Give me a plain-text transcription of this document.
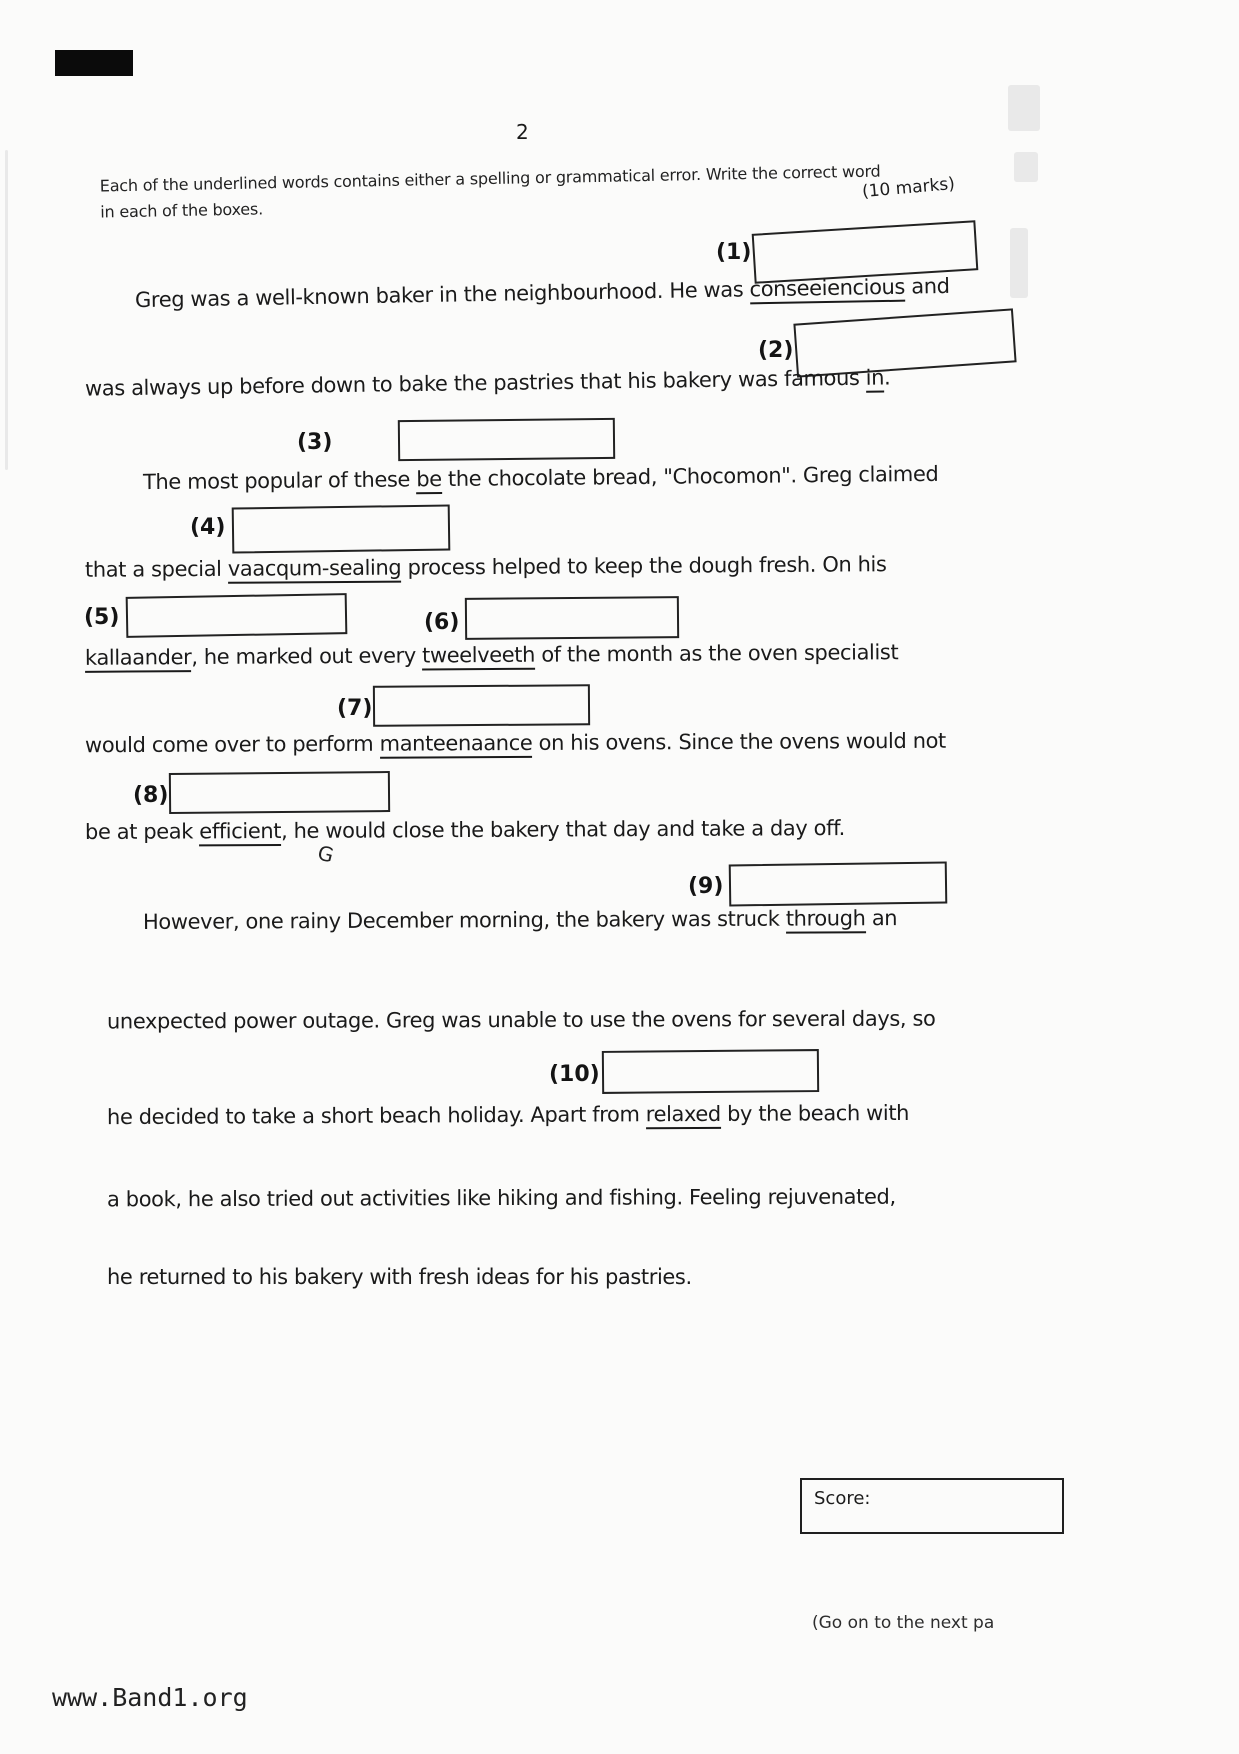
2
Each of the underlined words contains either a spelling or grammatical error. Write the correct word
in each of the boxes.
(10 marks)
(1)
Greg was a well-known baker in the neighbourhood. He was conseeiencious and
(2)
was always up before down to bake the pastries that his bakery was famous in.
(3)
The most popular of these be the chocolate bread, "Chocomon". Greg claimed
(4)
that a special vaacqum-sealing process helped to keep the dough fresh. On his
(5)	(6)
kallaander, he marked out every tweelveeth of the month as the oven specialist
(7)
would come over to perform manteenaance on his ovens. Since the ovens would not
(8)
be at peak efficient, he would close the bakery that day and take a day off.
G
(9)
However, one rainy December morning, the bakery was struck through an
unexpected power outage. Greg was unable to use the ovens for several days, so
(10)
he decided to take a short beach holiday. Apart from relaxed by the beach with
a book, he also tried out activities like hiking and fishing. Feeling rejuvenated,
he returned to his bakery with fresh ideas for his pastries.
Score:
(Go on to the next pa
www.Band1.org
